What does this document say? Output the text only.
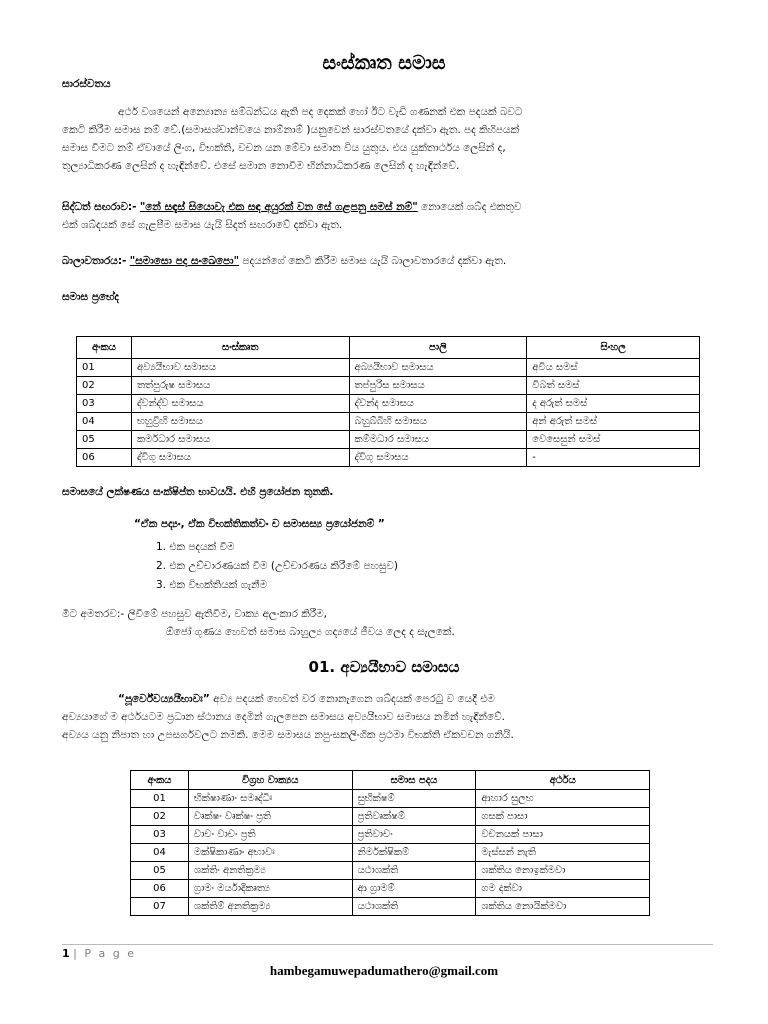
සංස්කෘත සමාස
සාරස්වතය
අර්ථ වශයෙන් අන්‍යොන්‍ය සම්බන්ධය ඇති පද දෙකක් හෝ ඊට වැඩි ගණනක් එක පදයක් බවට
කෙටි කිරීම සමාස නම් වේ.(සමාසශ්චාන්වයෙ නාම්නාම් )යනුවෙන් සාරස්වතයේ දක්වා ඇත. පද කිහිපයක්
සමාස වීමට නම් ඒවායේ ලිංග, විභක්ති, වචන යන මේවා සමාන විය යුතුය. එය යුක්තාර්ථය ලෙසින් ද,
තුල්‍යාධිකරණ ලෙසින් ද හැඳින්වේ. එසේ සමාන නොවීම භින්නාධිකරණ ලෙසින් ද හැඳින්වේ.
සිද්ධත් සඟරාව:- "නේ සඳැස් සියොවැ එක සඳ අයුරක් වන සේ ගළපනු සමස් නම්" නොයෙක් ශබ්ද එකතුව
එක් ශබ්දයක් සේ ගැළපීම සමාස යැයි සිදත් සඟරාවේ දක්වා ඇත.
බාලාවතාරය:- "සමාසො පද සංඛෙපො" පදයන්ගේ කෙටි කිරීම සමාස යැයි බාලාවතාරයේ දක්වා ඇත.
සමාස ප්‍රභේද
අංකය	සංස්කෘත	පාලි	සිංහල
01	අව්‍යයීභාව සමාසය	අබ්‍යයීභාව සමාසය	අවිය සමස්
02	තත්පුරුෂ සමාසය	තප්පුරිස සමාසය	විබත් සමස්
03	ද්වන්ද්ව සමාසය	ද්වන්ද සමාසය	ද අරුත් සමස්
04	භහුව්‍රීහි සමාසය	බහුබ්බිහි සමාසය	අන් අරුත් සමස්
05	කර්මධාර සමාසය	කම්මධාර සමාසය	වෙසෙසුන් සමස්
06	ද්විගු සමාසය	ද්විගු සමාසය	-
සමාසයේ ලක්ෂණය සංක්ෂිප්ත භාවයයි. එහි ප්‍රයෝජන තුනකි.
“ඒක පද්‍යං, ඒක විභක්තිකත්වං ච සමාසස්‍ය ප්‍රයෝජනම් ”
1. එක පදයක් වීම
2. එක උච්චාරණයක් වීම (උච්චාරණය කිරීමේ පහසුව)
3. එක විභක්තියක් ගැනීම
මීට අමතරව:- ලිවීමේ පහසුව ඇතිවීම, වාක්‍ය අලංකාර කිරීම,
ඕජෝ ගුණය හෙවත් සමාස බාහුල්‍ය ගද්‍යයේ ජීවය ලෙද ද සැලකේ.
01. අව්‍යයීභාව සමාසය
“පූර්වේවය්‍යයීභාවඃ” අව්‍ය පදයක් හෙවත් වර නොනැගෙන ශබ්දයක් පෙරටු ව යෙදී එම
අව්‍යයාගේ ම අර්ථයටම ප්‍රධාන ස්ථානය දෙමින් ගැලපෙන සමාසය අව්‍යයීභාව සමාසය නමින් හැඳින්වේ.
අව්‍යය යනු නිපාත හා උපසර්ගවලට නමකි. මෙම සමාසය නපුංසකලිංගික ප්‍රථමා විභක්ති ඒකවචන ගනියි.
අංකය	විග්‍රහ වාක්‍යය	සමාස පදය	අර්ථය
01	භික්ෂාණාං සමෘද්ධිඃ	සුභික්ෂම්	ආහාර සුලභ
02	වෘක්ෂං වෘක්ෂං ප්‍රති	ප්‍රතිවෘක්ෂම්	ගසක් පාසා
03	වාචං වාචං ප්‍රති	ප්‍රතිවාචං	වචනයක් පාසා
04	මක්ෂිකාණාං අභාවඃ	නිර්මක්ෂිකම්	මැස්සන් නැති
05	ශක්තිං අනතික්‍රම්‍ය	යථාශක්ති	ශක්තිය නොඉක්මවා
06	ග්‍රාමං මර්යාදීකෘත්‍ය	ආ ග්‍රාමම්	ගම දක්වා
07	ශක්තිම් අනතික්‍රම්‍ය	යථාශක්ති	ශක්තිය නොයික්මවා
1 | P a g e
hambegamuwepadumathero@gmail.com
